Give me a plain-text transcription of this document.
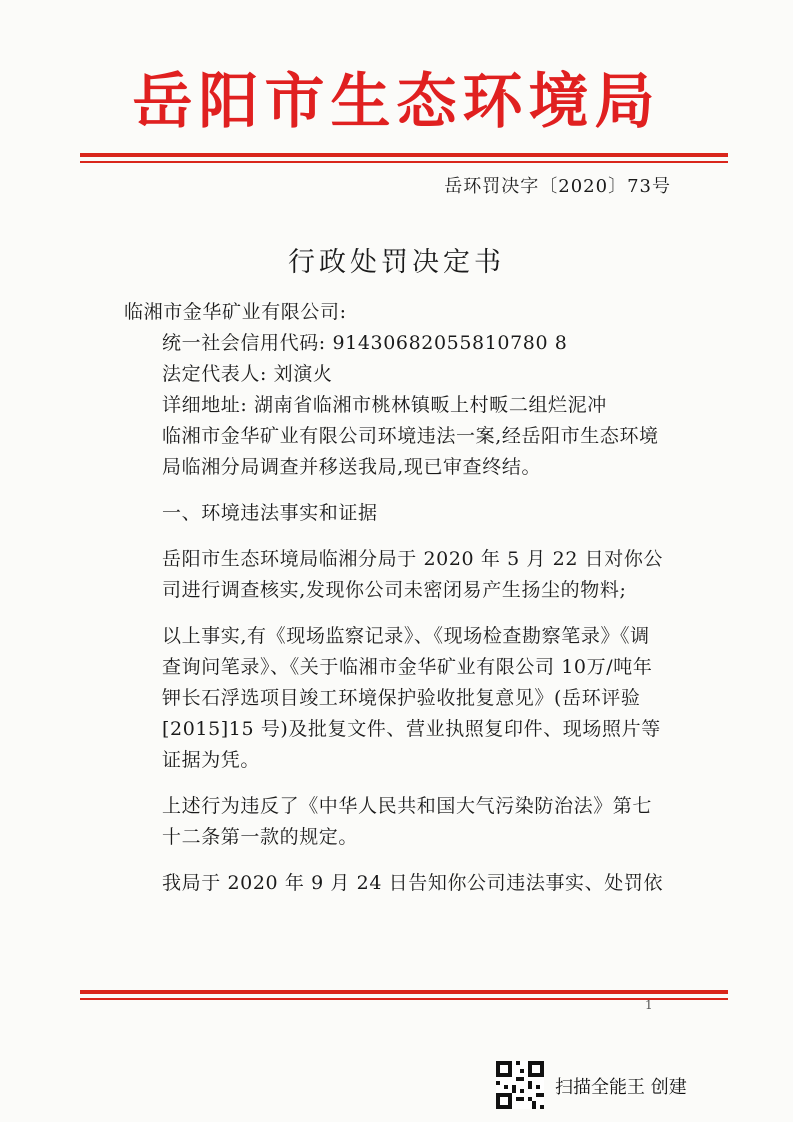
岳阳市生态环境局
岳环罚决字〔2020〕73号
行政处罚决定书

临湘市金华矿业有限公司:

统一社会信用代码: 91430682055810780 8

法定代表人: 刘演火

详细地址: 湖南省临湘市桃林镇畈上村畈二组烂泥冲

临湘市金华矿业有限公司环境违法一案,经岳阳市生态环境局临湘分局调查并移送我局,现已审查终结。

一、环境违法事实和证据

岳阳市生态环境局临湘分局于 2020 年 5 月 22 日对你公司进行调查核实,发现你公司未密闭易产生扬尘的物料;

以上事实,有《现场监察记录》、《现场检查勘察笔录》《调查询问笔录》、《关于临湘市金华矿业有限公司 10万/吨年钾长石浮选项目竣工环境保护验收批复意见》(岳环评验[2015]15 号)及批复文件、营业执照复印件、现场照片等证据为凭。

上述行为违反了《中华人民共和国大气污染防治法》第七十二条第一款的规定。

我局于 2020 年 9 月 24 日告知你公司违法事实、处罚依

1
扫描全能王 创建
